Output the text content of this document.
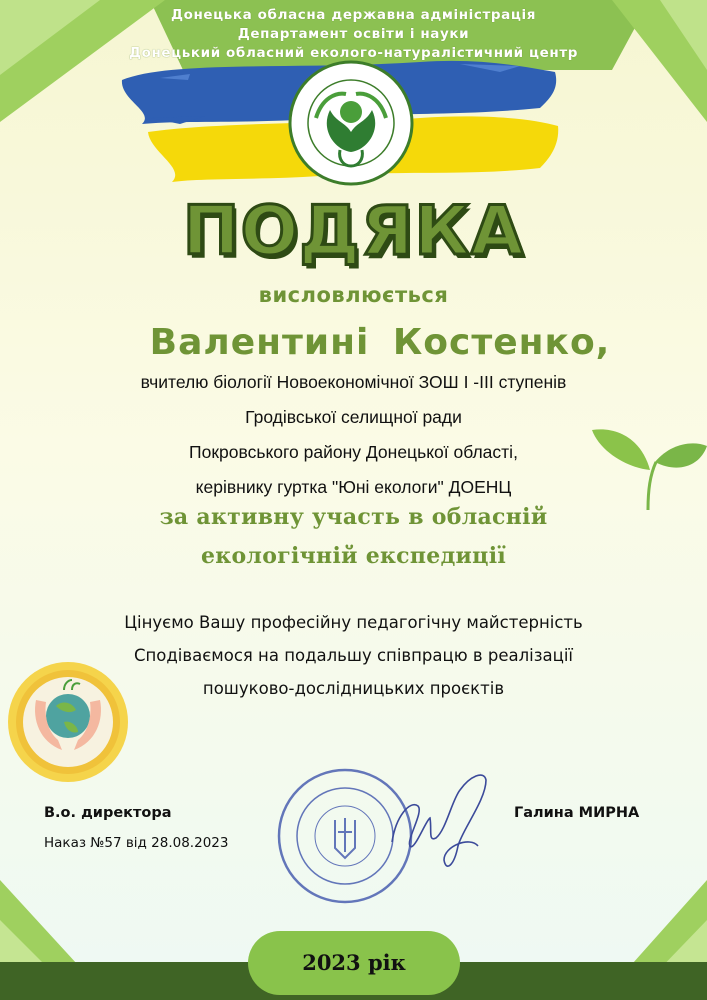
Донецька обласна державна адміністрація
Департамент освіти і науки
Донецький обласний еколого-натуралістичний центр
ПОДЯКА
висловлюється
Валентині Костенко,
вчителю біології Новоекономічної ЗОШ І -ІІІ ступенів
Гродівської селищної ради
Покровського району Донецької області,
керівнику гуртка "Юні екологи" ДОЕНЦ
за активну участь в обласній
екологічній експедиції
Цінуємо Вашу професійну педагогічну майстерність
Сподіваємося на подальшу співпрацю в реалізації
пошуково-дослідницьких проєктів
В.о. директора
Наказ №57 від 28.08.2023
Галина МИРНА
2023 рік
